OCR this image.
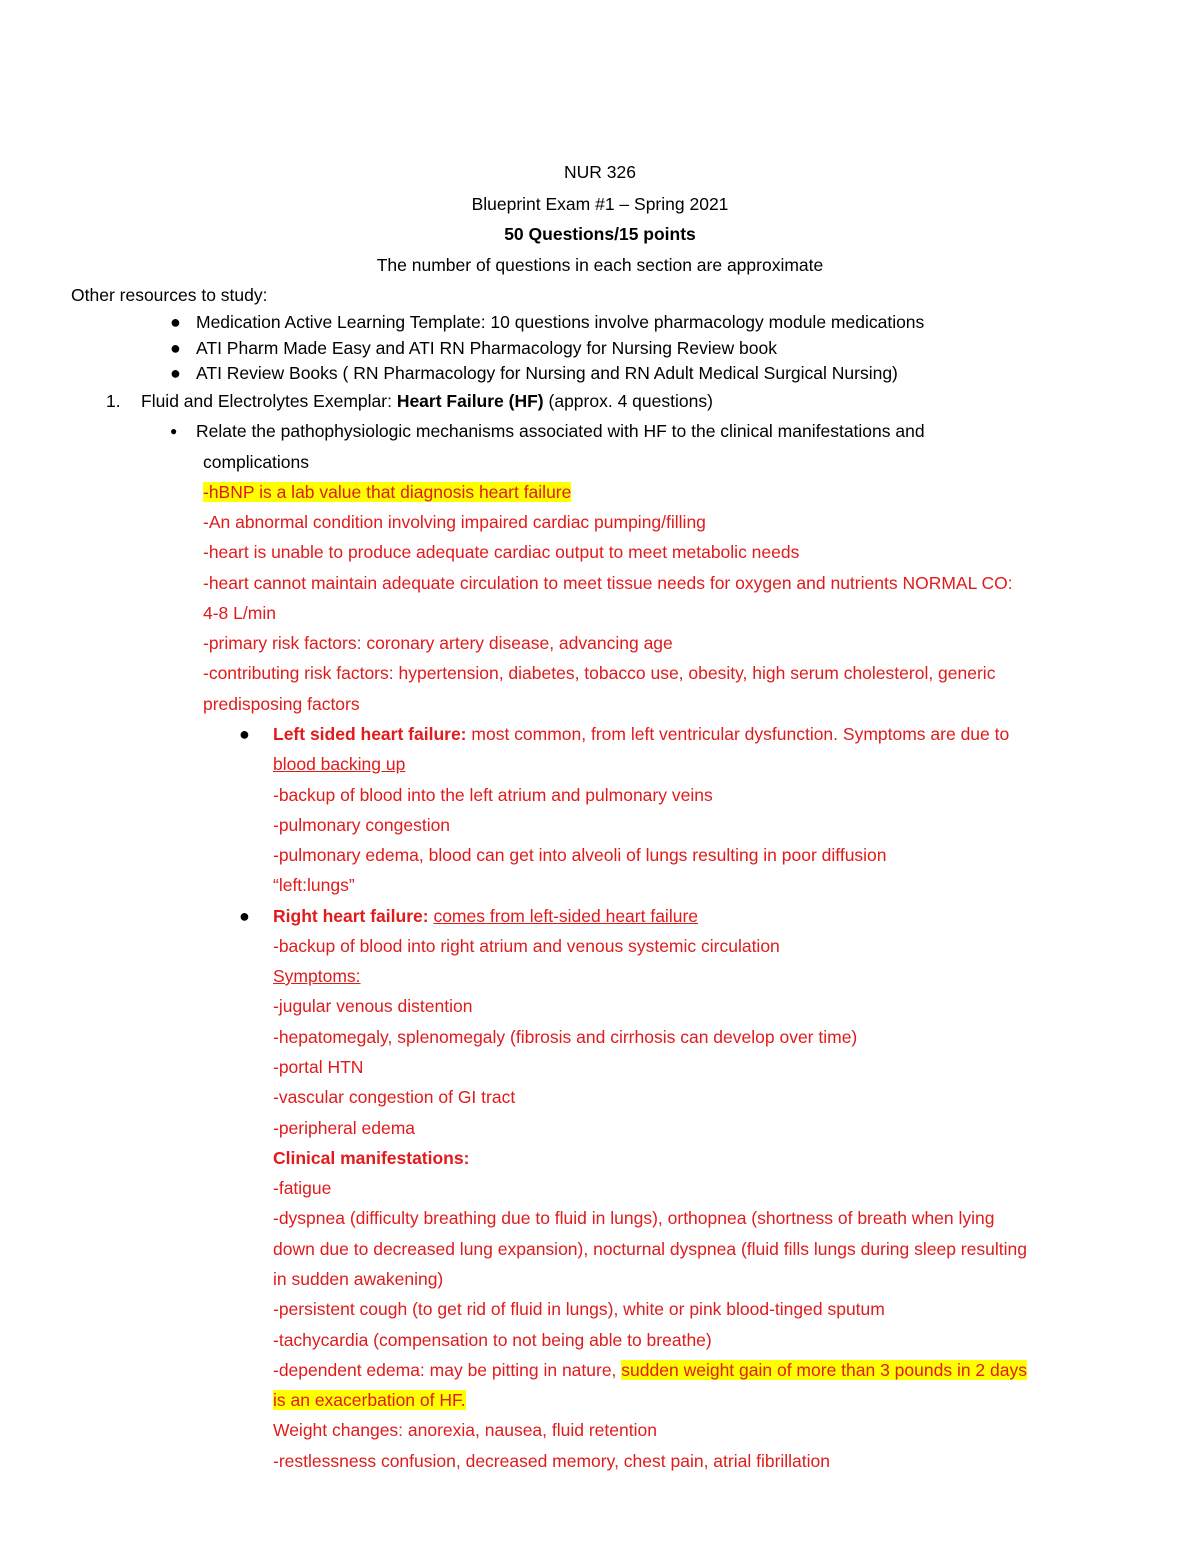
NUR 326
Blueprint Exam #1 – Spring 2021
50 Questions/15 points
The number of questions in each section are approximate
Other resources to study:
● Medication Active Learning Template: 10 questions involve pharmacology module medications
● ATI Pharm Made Easy and ATI RN Pharmacology for Nursing Review book
● ATI Review Books ( RN Pharmacology for Nursing and RN Adult Medical Surgical Nursing)
1. Fluid and Electrolytes Exemplar: Heart Failure (HF) (approx. 4 questions)
● Relate the pathophysiologic mechanisms associated with HF to the clinical manifestations and
complications
-hBNP is a lab value that diagnosis heart failure
-An abnormal condition involving impaired cardiac pumping/filling
-heart is unable to produce adequate cardiac output to meet metabolic needs
-heart cannot maintain adequate circulation to meet tissue needs for oxygen and nutrients NORMAL CO:
4-8 L/min
-primary risk factors: coronary artery disease, advancing age
-contributing risk factors: hypertension, diabetes, tobacco use, obesity, high serum cholesterol, generic
predisposing factors
● Left sided heart failure: most common, from left ventricular dysfunction. Symptoms are due to
blood backing up
-backup of blood into the left atrium and pulmonary veins
-pulmonary congestion
-pulmonary edema, blood can get into alveoli of lungs resulting in poor diffusion
“left:lungs”
● Right heart failure: comes from left-sided heart failure
-backup of blood into right atrium and venous systemic circulation
Symptoms:
-jugular venous distention
-hepatomegaly, splenomegaly (fibrosis and cirrhosis can develop over time)
-portal HTN
-vascular congestion of GI tract
-peripheral edema
Clinical manifestations:
-fatigue
-dyspnea (difficulty breathing due to fluid in lungs), orthopnea (shortness of breath when lying
down due to decreased lung expansion), nocturnal dyspnea (fluid fills lungs during sleep resulting
in sudden awakening)
-persistent cough (to get rid of fluid in lungs), white or pink blood-tinged sputum
-tachycardia (compensation to not being able to breathe)
-dependent edema: may be pitting in nature, sudden weight gain of more than 3 pounds in 2 days
is an exacerbation of HF.
Weight changes: anorexia, nausea, fluid retention
-restlessness confusion, decreased memory, chest pain, atrial fibrillation
